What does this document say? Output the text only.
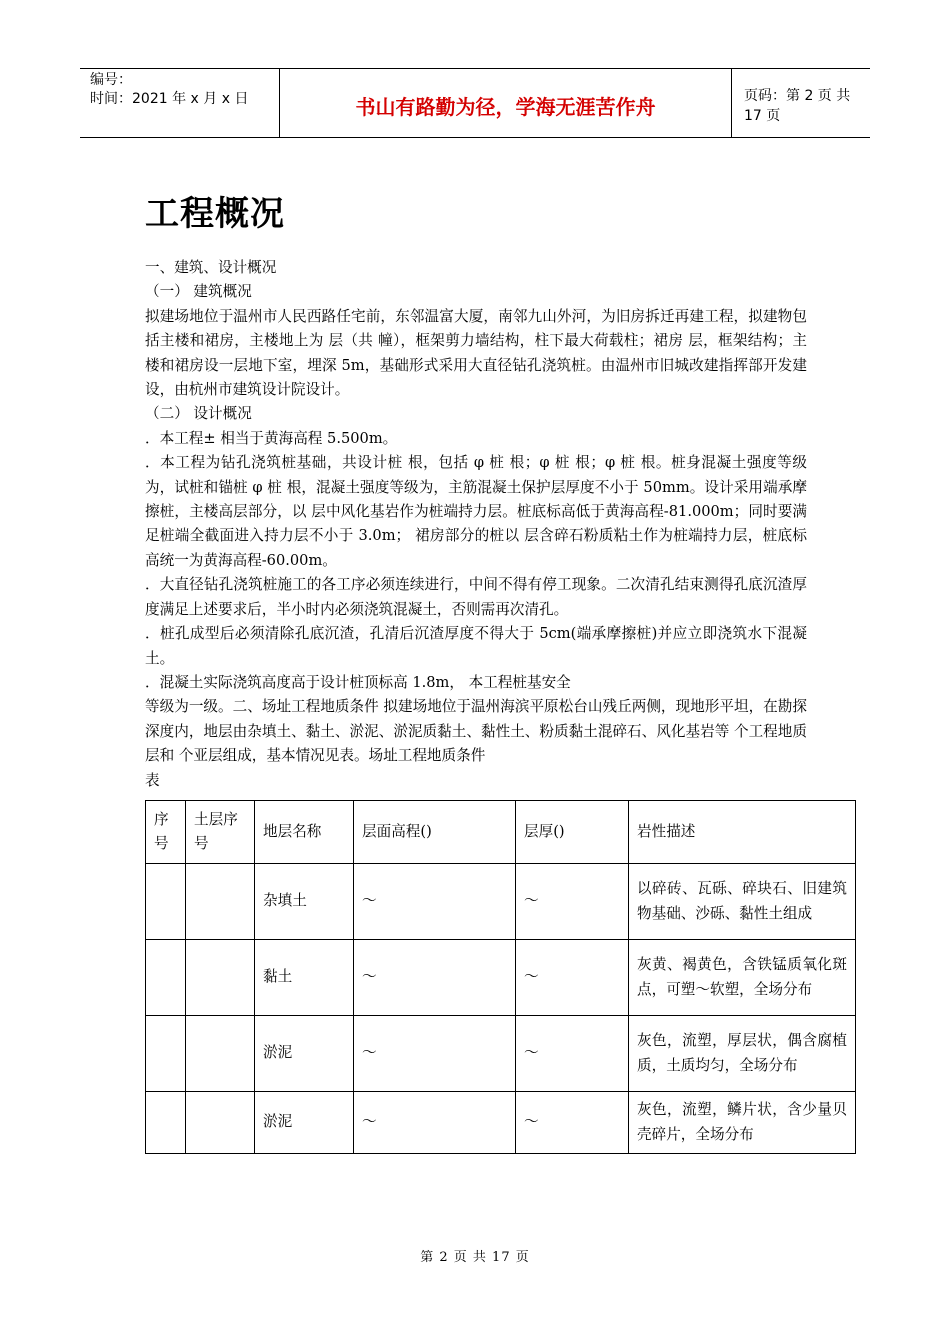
编号：
时间：2021 年 x 月 x 日	书山有路勤为径，学海无涯苦作舟	页码：第 2 页 共 17 页
工程概况

一、建筑、设计概况

（一） 建筑概况

拟建场地位于温州市人民西路任宅前，东邻温富大厦，南邻九山外河，为旧房拆迁再建工程，拟建物包括主楼和裙房，主楼地上为 层（共 幢），框架剪力墙结构，柱下最大荷载柱；裙房 层，框架结构；主楼和裙房设一层地下室，埋深 5m，基础形式采用大直径钻孔浇筑桩。由温州市旧城改建指挥部开发建设，由杭州市建筑设计院设计。

（二） 设计概况

．本工程± 相当于黄海高程 5.500m。

．本工程为钻孔浇筑桩基础，共设计桩 根，包括 φ 桩 根；φ 桩 根；φ 桩 根。桩身混凝土强度等级为，试桩和锚桩 φ 桩 根，混凝土强度等级为，主筋混凝土保护层厚度不小于 50mm。设计采用端承摩擦桩，主楼高层部分，以 层中风化基岩作为桩端持力层。桩底标高低于黄海高程-81.000m；同时要满足桩端全截面进入持力层不小于 3.0m； 裙房部分的桩以 层含碎石粉质粘土作为桩端持力层，桩底标高统一为黄海高程-60.00m。

．大直径钻孔浇筑桩施工的各工序必须连续进行，中间不得有停工现象。二次清孔结束测得孔底沉渣厚度满足上述要求后，半小时内必须浇筑混凝土，否则需再次清孔。

．桩孔成型后必须清除孔底沉渣，孔清后沉渣厚度不得大于 5cm(端承摩擦桩)并应立即浇筑水下混凝土。

．混凝土实际浇筑高度高于设计桩顶标高 1.8m， 本工程桩基安全

等级为一级。二、场址工程地质条件 拟建场地位于温州海滨平原松台山残丘两侧，现地形平坦，在勘探深度内，地层由杂填土、黏土、淤泥、淤泥质黏土、黏性土、粉质黏土混碎石、风化基岩等 个工程地质层和 个亚层组成，基本情况见表。场址工程地质条件

表

序号	土层序号	地层名称	层面高程()	层厚()	岩性描述
		杂填土	～	～	以碎砖、瓦砾、碎块石、旧建筑物基础、沙砾、黏性土组成
		黏土	～	～	灰黄、褐黄色，含铁锰质氧化斑点，可塑～软塑，全场分布
		淤泥	～	～	灰色，流塑，厚层状，偶含腐植质，土质均匀，全场分布
		淤泥	～	～	灰色，流塑，鳞片状，含少量贝壳碎片，全场分布
第 2 页 共 17 页
